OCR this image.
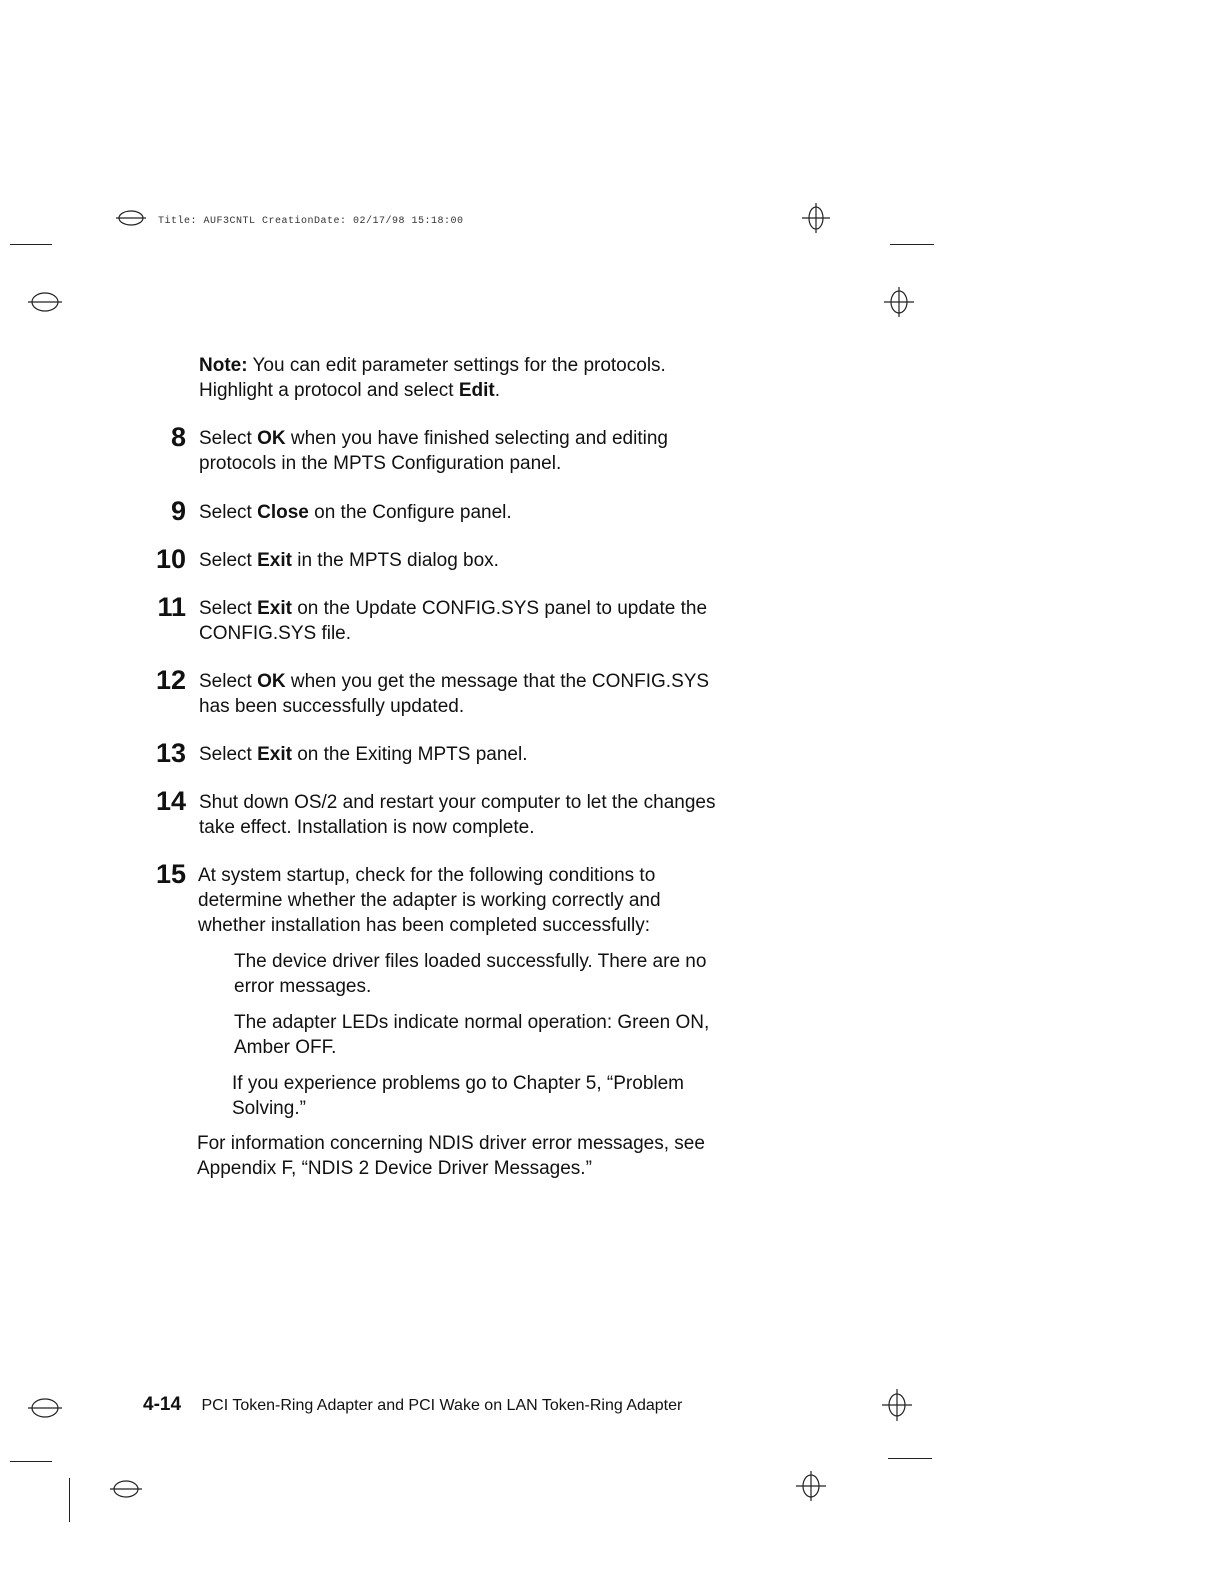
Title: AUF3CNTL CreationDate: 02/17/98 15:18:00
Note: You can edit parameter settings for the protocols.
Highlight a protocol and select Edit.
8 Select OK when you have finished selecting and editing
protocols in the MPTS Configuration panel.
9 Select Close on the Configure panel.
10 Select Exit in the MPTS dialog box.
11 Select Exit on the Update CONFIG.SYS panel to update the
CONFIG.SYS file.
12 Select OK when you get the message that the CONFIG.SYS
has been successfully updated.
13 Select Exit on the Exiting MPTS panel.
14 Shut down OS/2 and restart your computer to let the changes
take effect. Installation is now complete.
15 At system startup, check for the following conditions to
determine whether the adapter is working correctly and
whether installation has been completed successfully:
The device driver files loaded successfully. There are no
error messages.
The adapter LEDs indicate normal operation: Green ON,
Amber OFF.
If you experience problems go to Chapter 5, “Problem
Solving.”
For information concerning NDIS driver error messages, see
Appendix F, “NDIS 2 Device Driver Messages.”
4-14 PCI Token-Ring Adapter and PCI Wake on LAN Token-Ring Adapter
